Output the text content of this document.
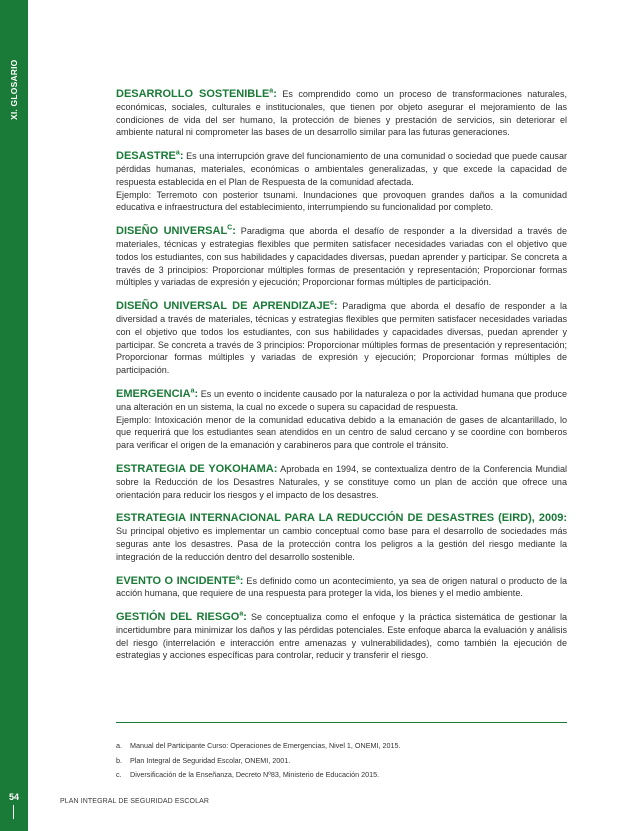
XI. GLOSARIO
54

DESARROLLO SOSTENIBLE$^a$: Es comprendido como un proceso de transformaciones naturales, económicas, sociales, culturales e institucionales, que tienen por objeto asegurar el mejoramiento de las condiciones de vida del ser humano, la protección de bienes y prestación de servicios, sin deteriorar el ambiente natural ni comprometer las bases de un desarrollo similar para las futuras generaciones.

DESASTRE$^a$: Es una interrupción grave del funcionamiento de una comunidad o sociedad que puede causar pérdidas humanas, materiales, económicas o ambientales generalizadas, y que excede la capacidad de respuesta establecida en el Plan de Respuesta de la comunidad afectada.
Ejemplo: Terremoto con posterior tsunami. Inundaciones que provoquen grandes daños a la comunidad educativa e infraestructura del establecimiento, interrumpiendo su funcionalidad por completo.

DISEÑO $UNIVERSAL^C$: Paradigma que aborda el desafío de responder a la diversidad a través de materiales, técnicas y estrategias flexibles que permiten satisfacer necesidades variadas con el objetivo que todos los estudiantes, con sus habilidades y capacidades diversas, puedan aprender y participar. Se concreta a través de 3 principios: Proporcionar múltiples formas de presentación y representación; Proporcionar formas múltiples y variadas de expresión y ejecución; Proporcionar formas múltiples de participación.

DISEÑO UNIVERSAL DE APRENDIZAJE$^c$: Paradigma que aborda el desafío de responder a la diversidad a través de materiales, técnicas y estrategias flexibles que permiten satisfacer necesidades variadas con el objetivo que todos los estudiantes, con sus habilidades y capacidades diversas, puedan aprender y participar. Se concreta a través de 3 principios: Proporcionar múltiples formas de presentación y representación; Proporcionar formas múltiples y variadas de expresión y ejecución; Proporcionar formas múltiples de participación.

EMERGENCIA$^a$: Es un evento o incidente causado por la naturaleza o por la actividad humana que produce una alteración en un sistema, la cual no excede o supera su capacidad de respuesta.
Ejemplo: Intoxicación menor de la comunidad educativa debido a la emanación de gases de alcantarillado, lo que requerirá que los estudiantes sean atendidos en un centro de salud cercano y se coordine con bomberos para verificar el origen de la emanación y carabineros para que controle el tránsito.

ESTRATEGIA DE YOKOHAMA: Aprobada en 1994, se contextualiza dentro de la Conferencia Mundial sobre la Reducción de los Desastres Naturales, y se constituye como un plan de acción que ofrece una orientación para reducir los riesgos y el impacto de los desastres.

ESTRATEGIA INTERNACIONAL PARA LA REDUCCIÓN DE DESASTRES (EIRD), 2009: Su principal objetivo es implementar un cambio conceptual como base para el desarrollo de sociedades más seguras ante los desastres. Pasa de la protección contra los peligros a la gestión del riesgo mediante la integración de la reducción dentro del desarrollo sostenible.

EVENTO O INCIDENTE$^a$: Es definido como un acontecimiento, ya sea de origen natural o producto de la acción humana, que requiere de una respuesta para proteger la vida, los bienes y el medio ambiente.

GESTIÓN DEL RIESGO$^a$: Se conceptualiza como el enfoque y la práctica sistemática de gestionar la incertidumbre para minimizar los daños y las pérdidas potenciales. Este enfoque abarca la evaluación y análisis del riesgo (interrelación e interacción entre amenazas y vulnerabilidades), como también la ejecución de estrategias y acciones específicas para controlar, reducir y transferir el riesgo.

a. Manual del Participante Curso: Operaciones de Emergencias, Nivel 1, ONEMI, 2015.
b. Plan Integral de Seguridad Escolar, ONEMI, 2001.
c. Diversificación de la Enseñanza, Decreto Nº83, Ministerio de Educación 2015.
PLAN INTEGRAL DE SEGURIDAD ESCOLAR
